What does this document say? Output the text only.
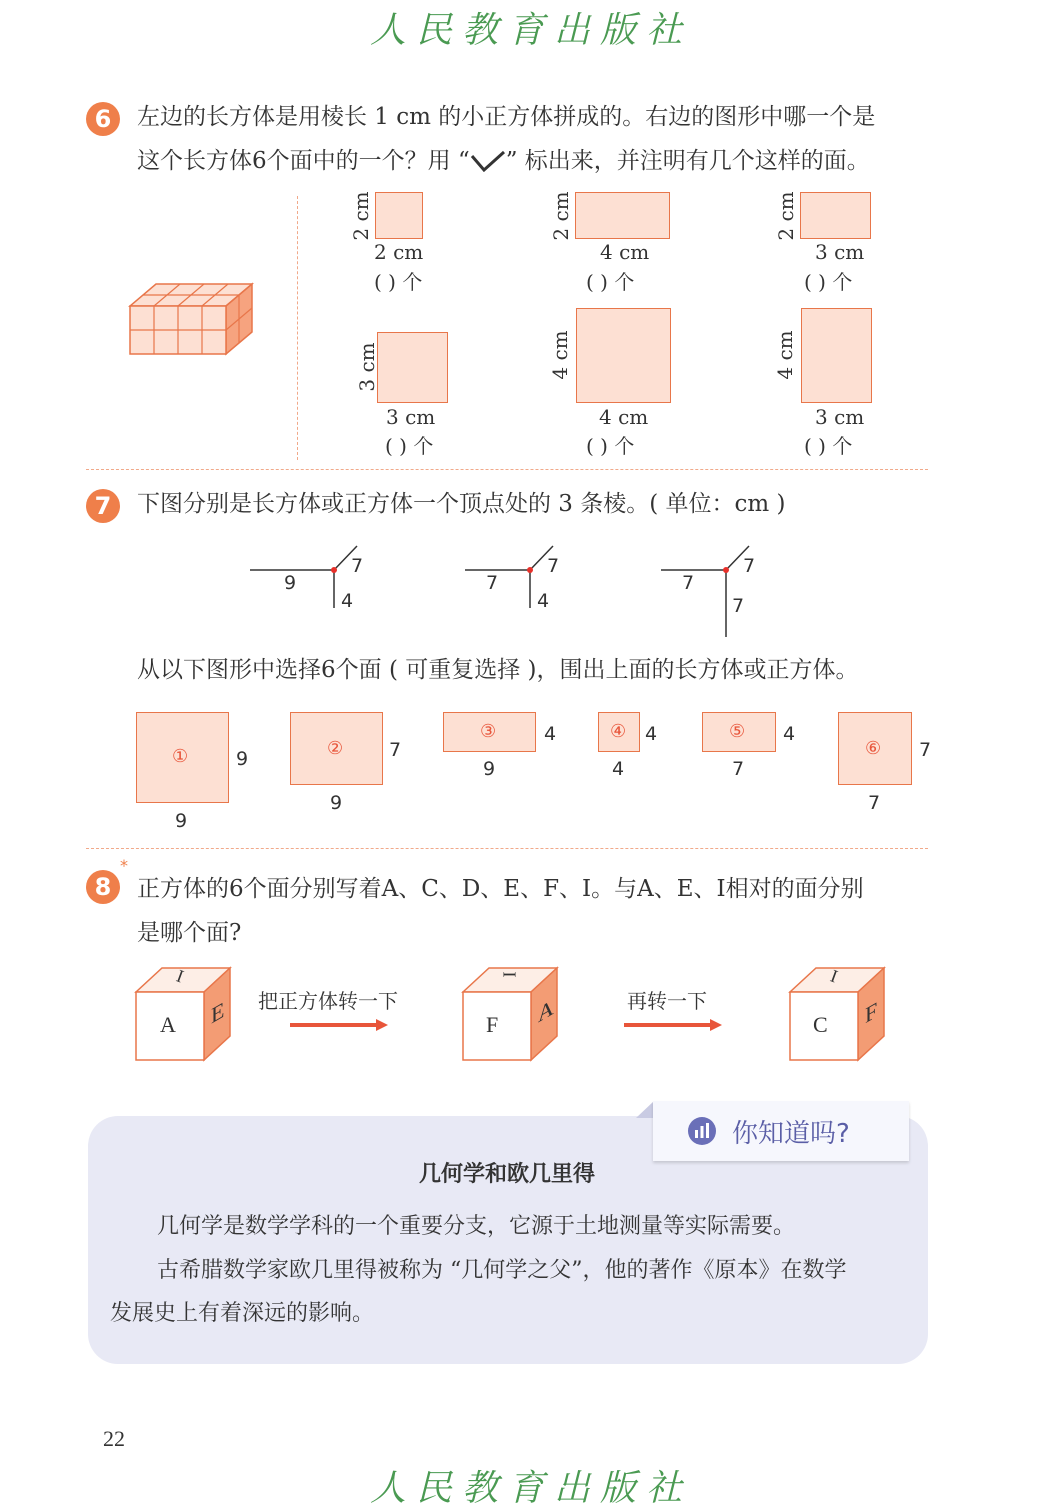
人民教育出版社
6	左边的长方体是用棱长 1 cm 的小正方体拼成的。右边的图形中哪一个是
这个长方体6个面中的一个？用 “ ” 标出来，并注明有几个这样的面。
2 cm
2 cm
( ) 个
2 cm
4 cm
( ) 个
2 cm
3 cm
( ) 个
3 cm
3 cm
( ) 个
4 cm
4 cm
( ) 个
4 cm
3 cm
( ) 个
7	下图分别是长方体或正方体一个顶点处的 3 条棱。( 单位：cm )
9
7
4
7
7
4
7
7
7
从以下图形中选择6个面 ( 可重复选择 )，围出上面的长方体或正方体。
①	9
9
② 7
9
③	4
9
④ 4
4
⑤ 4
7
⑥ 7
7
8
*
正方体的6个面分别写着A、C、D、E、F、I。与A、E、I相对的面分别
是哪个面?
A
I
E 把正方体转一下
F
I
A	再转一下
C
I
F
你知道吗?
几何学和欧几里得
几何学是数学学科的一个重要分支，它源于土地测量等实际需要。
古希腊数学家欧几里得被称为 “几何学之父”，他的著作《原本》在数学
发展史上有着深远的影响。
22
人民教育出版社
